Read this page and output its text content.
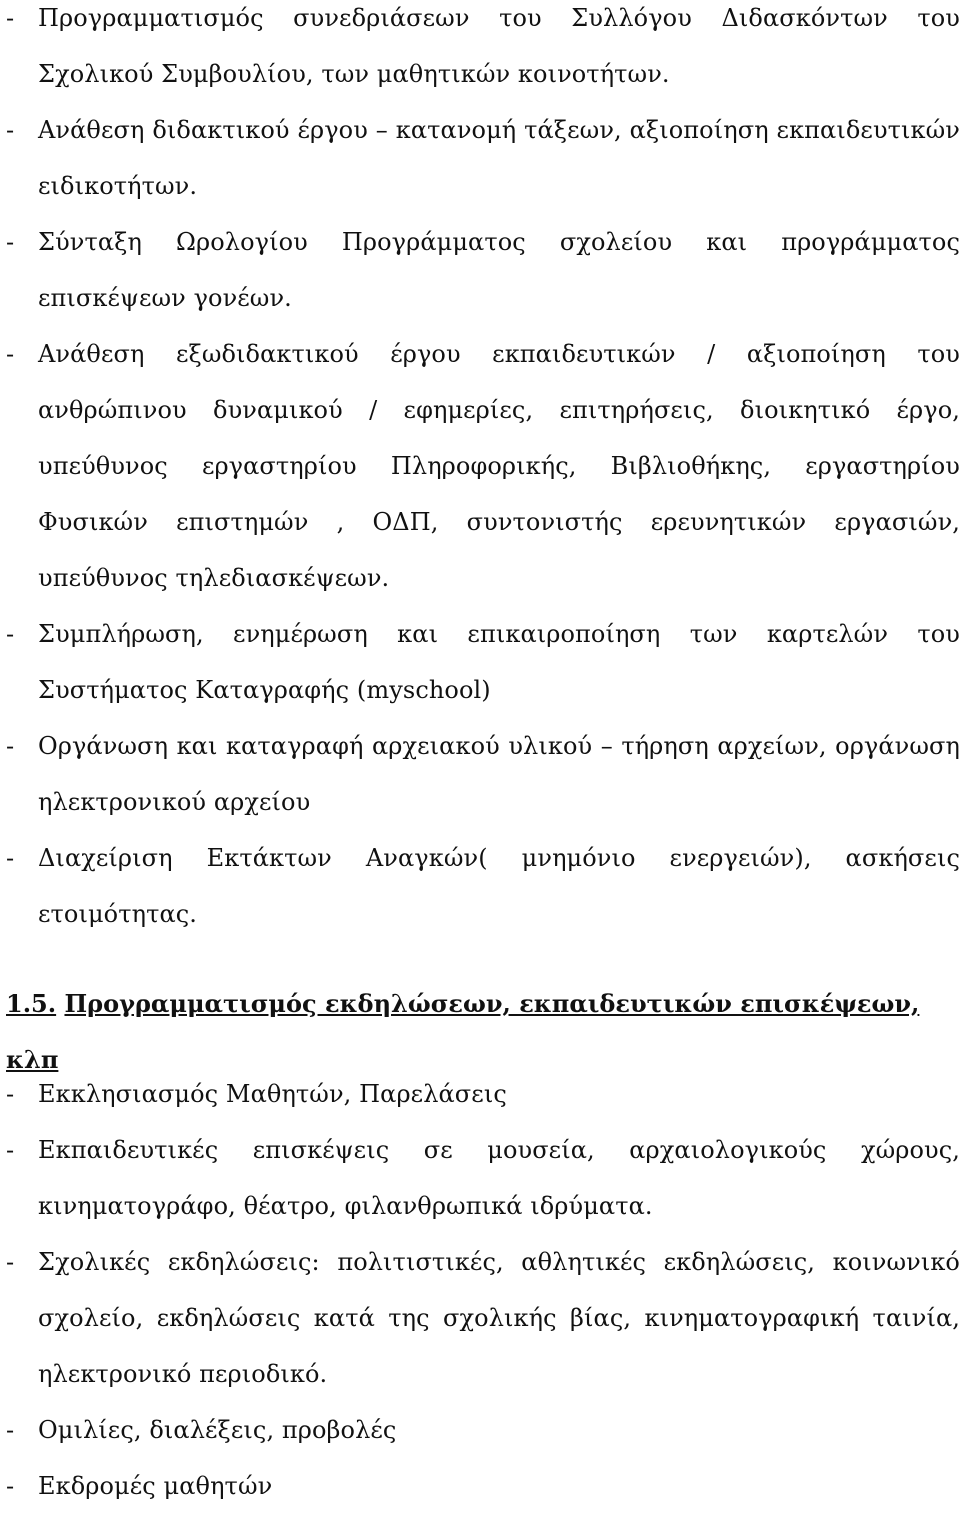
- Προγραμματισμός συνεδριάσεων του Συλλόγου Διδασκόντων του Σχολικού Συμβουλίου, των μαθητικών κοινοτήτων.
- Ανάθεση διδακτικού έργου – κατανομή τάξεων, αξιοποίηση εκπαιδευτικών ειδικοτήτων.
- Σύνταξη Ωρολογίου Προγράμματος σχολείου και προγράμματος επισκέψεων γονέων.
- Ανάθεση εξωδιδακτικού έργου εκπαιδευτικών / αξιοποίηση του ανθρώπινου δυναμικού / εφημερίες, επιτηρήσεις, διοικητικό έργο, υπεύθυνος εργαστηρίου Πληροφορικής, Βιβλιοθήκης, εργαστηρίου Φυσικών επιστημών , ΟΔΠ, συντονιστής ερευνητικών εργασιών, υπεύθυνος τηλεδιασκέψεων.
- Συμπλήρωση, ενημέρωση και επικαιροποίηση των καρτελών του Συστήματος Καταγραφής (myschool)
- Οργάνωση και καταγραφή αρχειακού υλικού – τήρηση αρχείων, οργάνωση ηλεκτρονικού αρχείου
- Διαχείριση Εκτάκτων Αναγκών( μνημόνιο ενεργειών), ασκήσεις ετοιμότητας.
1.5. Προγραμματισμός εκδηλώσεων, εκπαιδευτικών επισκέψεων, κλπ
- Εκκλησιασμός Μαθητών, Παρελάσεις
- Εκπαιδευτικές επισκέψεις σε μουσεία, αρχαιολογικούς χώρους, κινηματογράφο, θέατρο, φιλανθρωπικά ιδρύματα.
- Σχολικές εκδηλώσεις: πολιτιστικές, αθλητικές εκδηλώσεις, κοινωνικό σχολείο, εκδηλώσεις κατά της σχολικής βίας, κινηματογραφική ταινία, ηλεκτρονικό περιοδικό.
- Ομιλίες, διαλέξεις, προβολές
- Εκδρομές μαθητών
